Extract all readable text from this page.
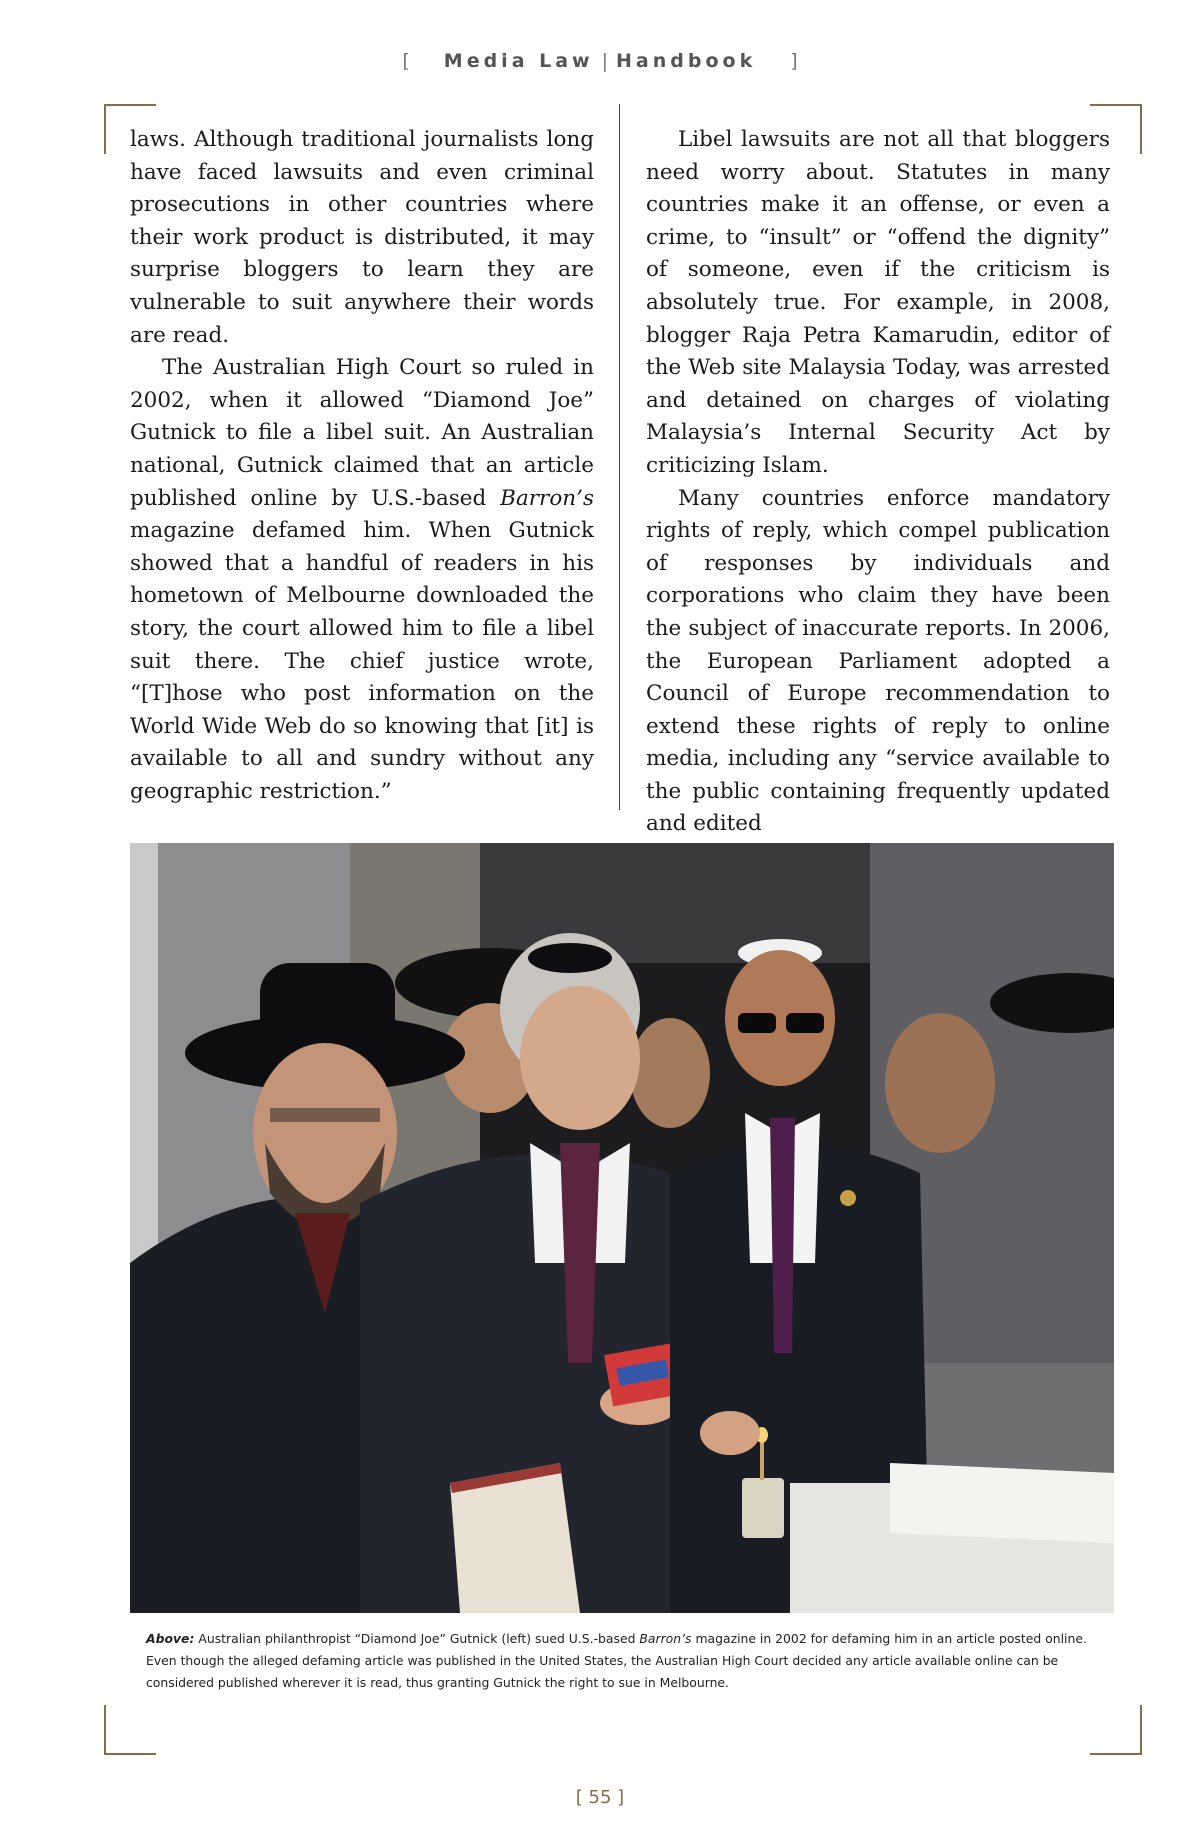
[ Media Law | Handbook ]

laws. Although traditional journalists long have faced lawsuits and even criminal prosecutions in other countries where their work product is distributed, it may surprise bloggers to learn they are vulnerable to suit anywhere their words are read.

The Australian High Court so ruled in 2002, when it allowed “Diamond Joe” Gutnick to file a libel suit. An Australian national, Gutnick claimed that an article published online by U.S.-based Barron’s magazine defamed him. When Gutnick showed that a handful of readers in his hometown of Melbourne downloaded the story, the court allowed him to file a libel suit there. The chief justice wrote, “[T]hose who post information on the World Wide Web do so knowing that [it] is available to all and sundry without any geographic restriction.”

Libel lawsuits are not all that bloggers need worry about. Statutes in many countries make it an offense, or even a crime, to “insult” or “offend the dignity” of someone, even if the criticism is absolutely true. For example, in 2008, blogger Raja Petra Kamarudin, editor of the Web site Malaysia Today, was arrested and detained on charges of violating Malaysia’s Internal Security Act by criticizing Islam.

Many countries enforce mandatory rights of reply, which compel publication of responses by individuals and corporations who claim they have been the subject of inaccurate reports. In 2006, the European Parliament adopted a Council of Europe recommendation to extend these rights of reply to online media, including any “service available to the public containing frequently updated and edited

Above: Australian philanthropist “Diamond Joe” Gutnick (left) sued U.S.-based Barron’s magazine in 2002 for defaming him in an article posted online. Even though the alleged defaming article was published in the United States, the Australian High Court decided any article available online can be considered published wherever it is read, thus granting Gutnick the right to sue in Melbourne.
[ 55 ]
